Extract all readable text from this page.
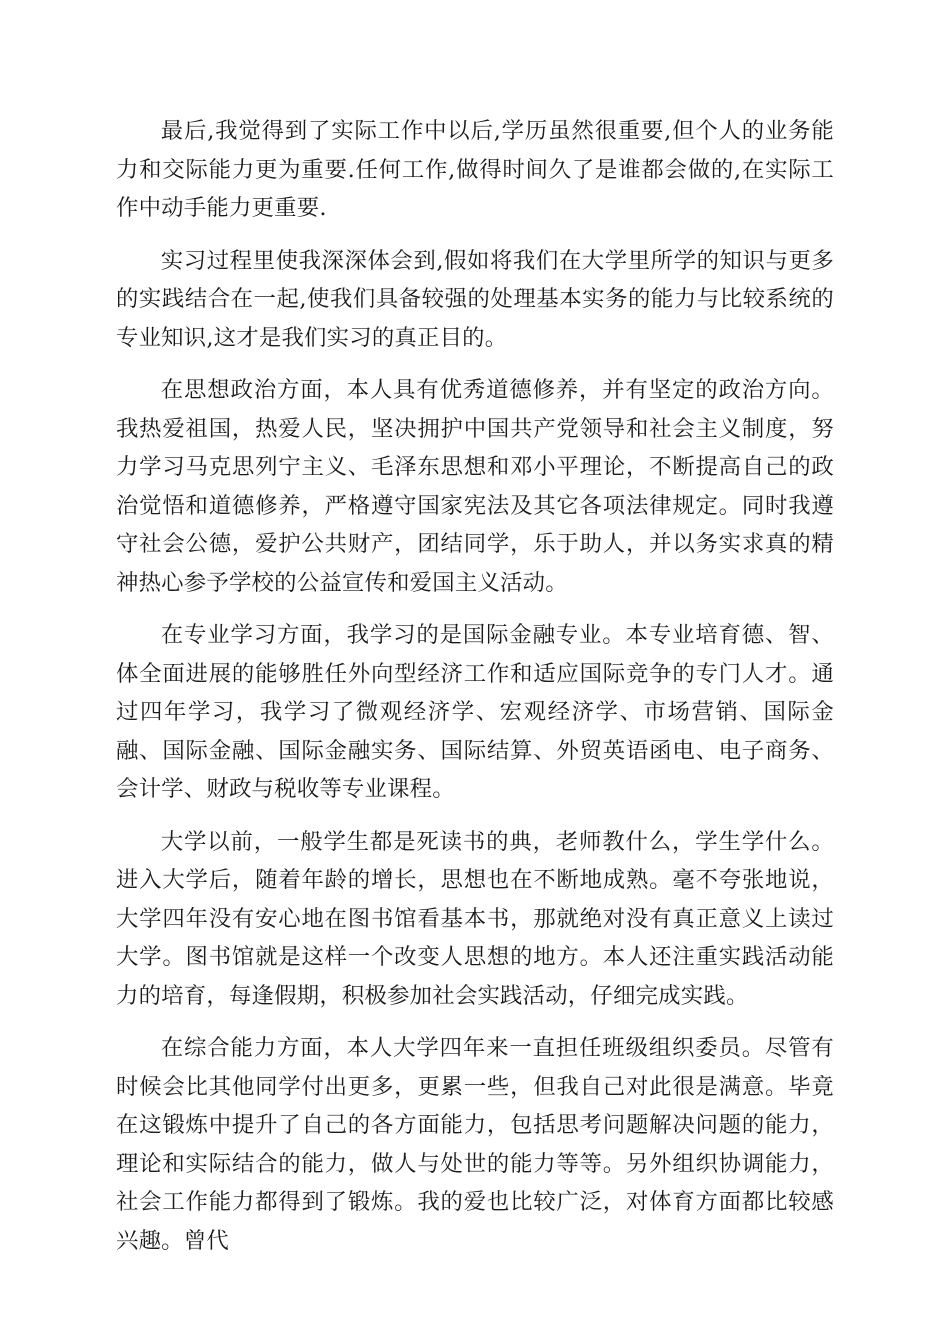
最后,我觉得到了实际工作中以后,学历虽然很重要,但个人的业务能力和交际能力更为重要.任何工作,做得时间久了是谁都会做的,在实际工作中动手能力更重要.

实习过程里使我深深体会到,假如将我们在大学里所学的知识与更多的实践结合在一起,使我们具备较强的处理基本实务的能力与比较系统的专业知识,这才是我们实习的真正目的。

在思想政治方面，本人具有优秀道德修养，并有坚定的政治方向。我热爱祖国，热爱人民，坚决拥护中国共产党领导和社会主义制度，努力学习马克思列宁主义、毛泽东思想和邓小平理论，不断提高自己的政治觉悟和道德修养，严格遵守国家宪法及其它各项法律规定。同时我遵守社会公德，爱护公共财产，团结同学，乐于助人，并以务实求真的精神热心参予学校的公益宣传和爱国主义活动。

在专业学习方面，我学习的是国际金融专业。本专业培育德、智、体全面进展的能够胜任外向型经济工作和适应国际竞争的专门人才。通过四年学习，我学习了微观经济学、宏观经济学、市场营销、国际金融、国际金融、国际金融实务、国际结算、外贸英语函电、电子商务、会计学、财政与税收等专业课程。

大学以前，一般学生都是死读书的典，老师教什么，学生学什么。进入大学后，随着年龄的增长，思想也在不断地成熟。毫不夸张地说，大学四年没有安心地在图书馆看基本书，那就绝对没有真正意义上读过大学。图书馆就是这样一个改变人思想的地方。本人还注重实践活动能力的培育，每逢假期，积极参加社会实践活动，仔细完成实践。

在综合能力方面，本人大学四年来一直担任班级组织委员。尽管有时候会比其他同学付出更多，更累一些，但我自己对此很是满意。毕竟在这锻炼中提升了自己的各方面能力，包括思考问题解决问题的能力，理论和实际结合的能力，做人与处世的能力等等。另外组织协调能力，社会工作能力都得到了锻炼。我的爱也比较广泛，对体育方面都比较感兴趣。曾代
